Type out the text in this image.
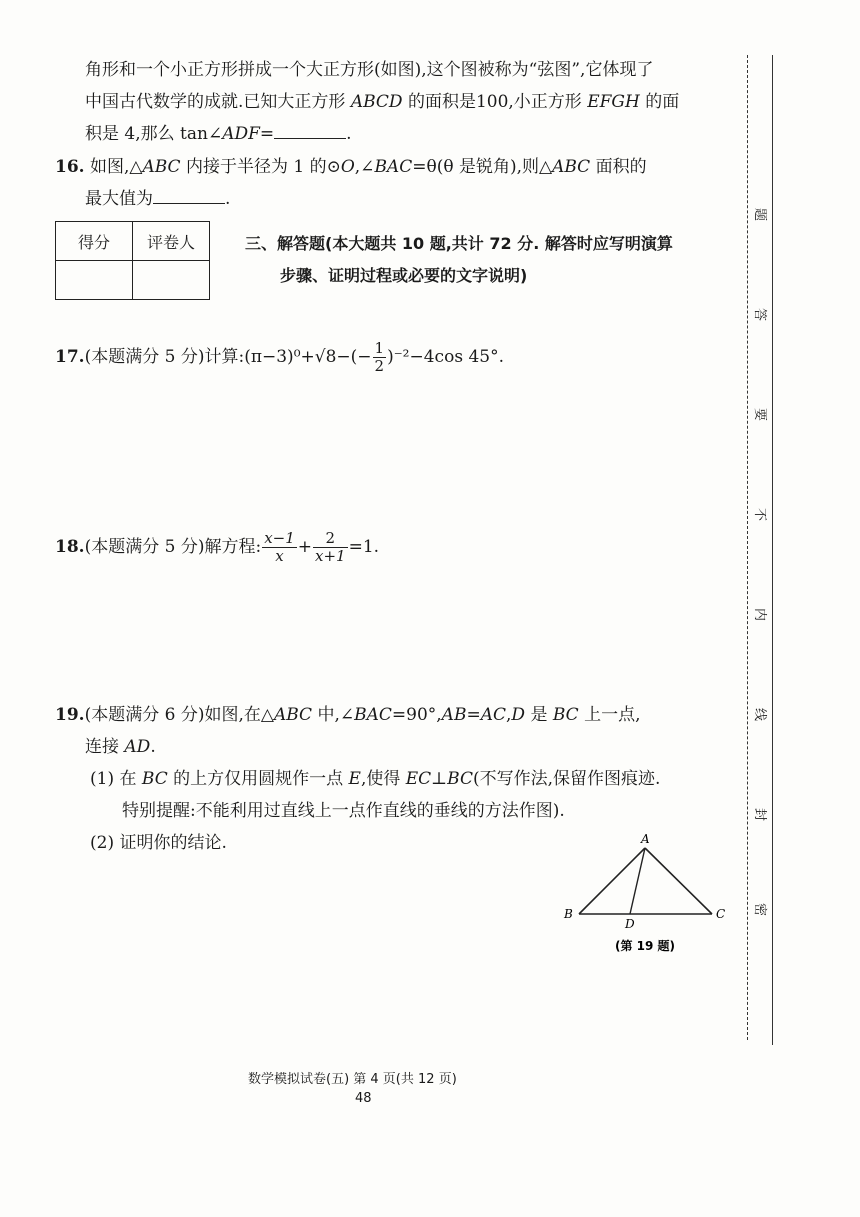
角形和一个小正方形拼成一个大正方形(如图),这个图被称为“弦图”,它体现了
中国古代数学的成就.已知大正方形 ABCD 的面积是100,小正方形 EFGH 的面
积是 4,那么 tan∠ADF=	.
16. 如图,△ABC 内接于半径为 1 的⊙O,∠BAC=θ(θ 是锐角),则△ABC 面积的
最大值为	.
得分	评卷人
		三、解答题(本大题共 10 题,共计 72 分. 解答时应写明演算
步骤、证明过程或必要的文字说明)
17.(本题满分 5 分)计算:(π−3)⁰+√8−(− $\frac{1}{2} )^{-2}-4\cos$ 45°.
18.(本题满分 5 分)解方程: $\frac{x-1}{x} + \frac{2}{x+1} =1$.
19.(本题满分 6 分)如图,在△ABC 中,∠BAC=90°,AB=AC,D 是 BC 上一点,
连接 AD.
(1) 在 BC 的上方仅用圆规作一点 E,使得 EC⊥BC(不写作法,保留作图痕迹.
特别提醒:不能利用过直线上一点作直线的垂线的方法作图).
(2) 证明你的结论.	A
B	C
D
(第 19 题)
题
答
要
不
内
线
封
密
数学模拟试卷(五) 第 4 页(共 12 页)
48
